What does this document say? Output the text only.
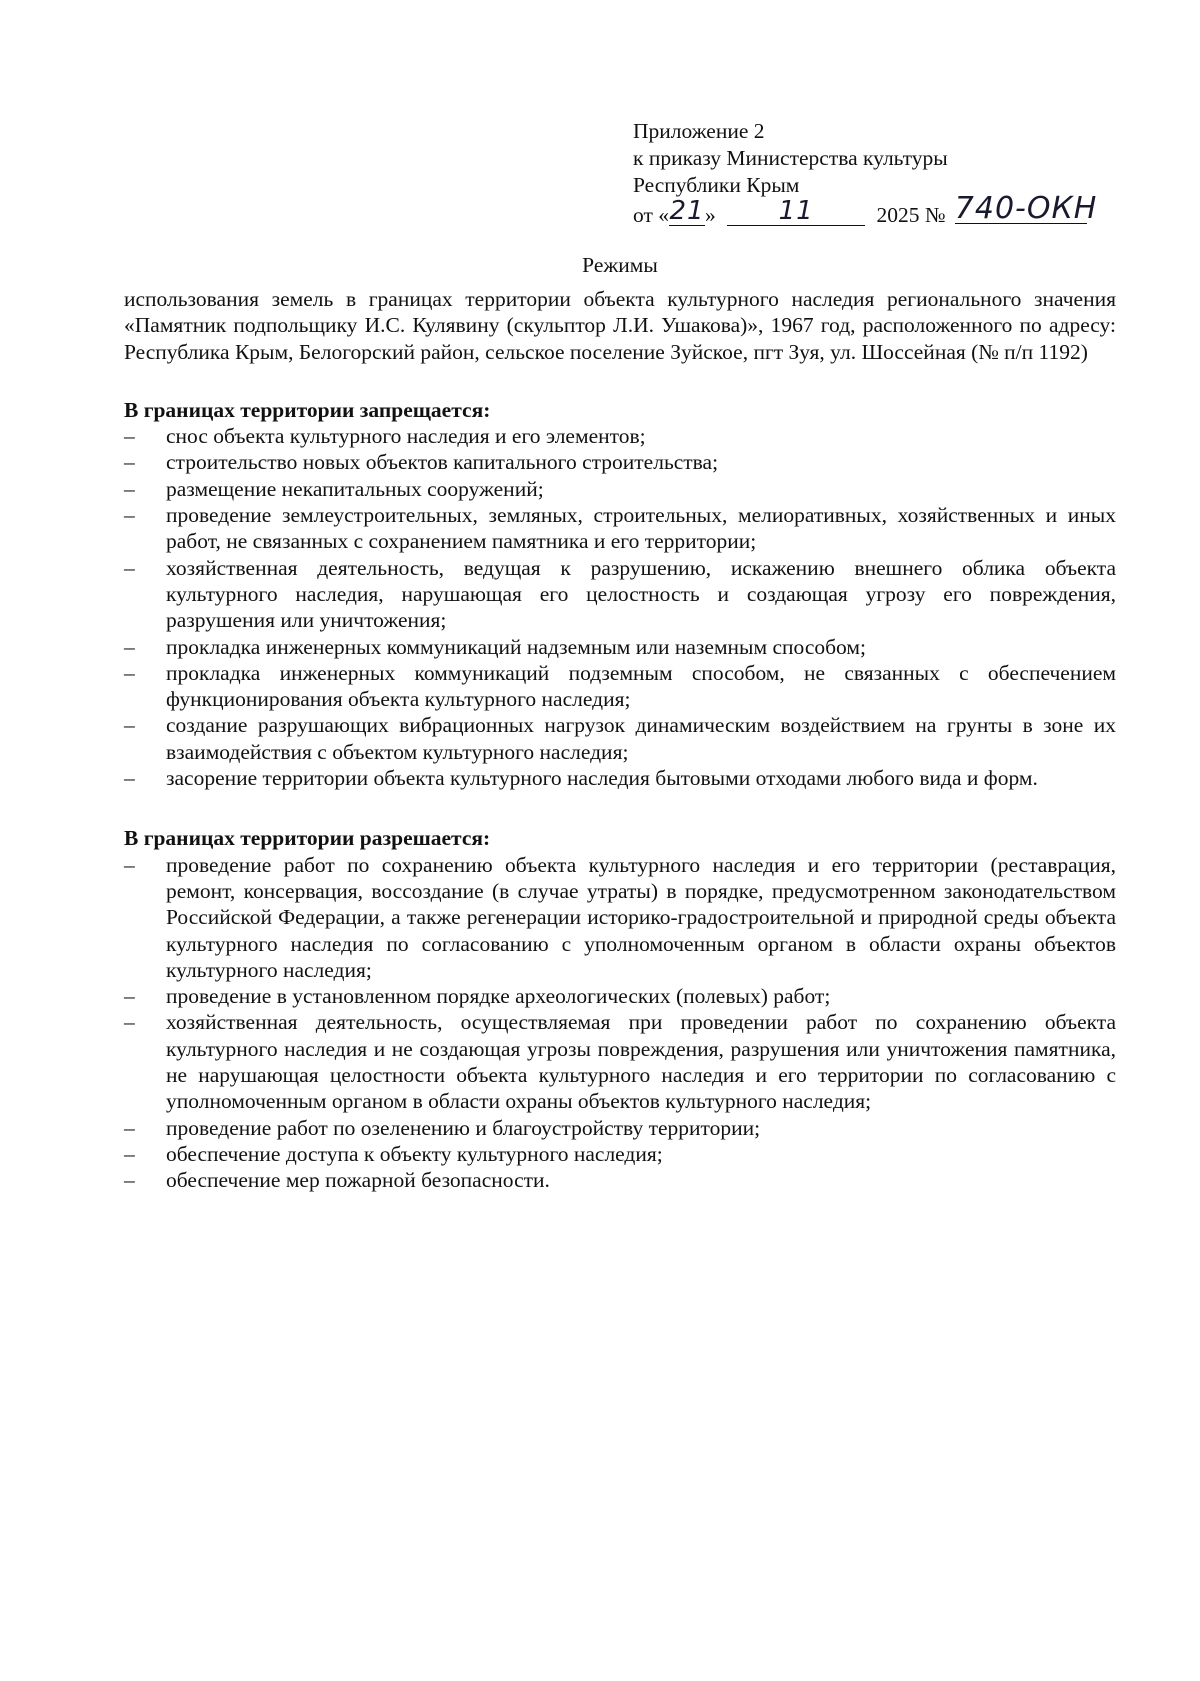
Приложение 2
к приказу Министерства культуры
Республики Крым
от «21» 11	2025 № 740-ОКН
Режимы

использования земель в границах территории объекта культурного наследия регионального значения «Памятник подпольщику И.С. Кулявину (скульптор Л.И. Ушакова)», 1967 год, расположенного по адресу: Республика Крым, Белогорский район, сельское поселение Зуйское, пгт Зуя, ул. Шоссейная (№ п/п 1192)

В границах территории запрещается:

– снос объекта культурного наследия и его элементов;
– строительство новых объектов капитального строительства;
– размещение некапитальных сооружений;
– проведение землеустроительных, земляных, строительных, мелиоративных, хозяйственных и иных работ, не связанных с сохранением памятника и его территории;
– хозяйственная деятельность, ведущая к разрушению, искажению внешнего облика объекта культурного наследия, нарушающая его целостность и создающая угрозу его повреждения, разрушения или уничтожения;
– прокладка инженерных коммуникаций надземным или наземным способом;
– прокладка инженерных коммуникаций подземным способом, не связанных с обеспечением функционирования объекта культурного наследия;
– создание разрушающих вибрационных нагрузок динамическим воздействием на грунты в зоне их взаимодействия с объектом культурного наследия;
– засорение территории объекта культурного наследия бытовыми отходами любого вида и форм.

В границах территории разрешается:

– проведение работ по сохранению объекта культурного наследия и его территории (реставрация, ремонт, консервация, воссоздание (в случае утраты) в порядке, предусмотренном законодательством Российской Федерации, а также регенерации историко-градостроительной и природной среды объекта культурного наследия по согласованию с уполномоченным органом в области охраны объектов культурного наследия;
– проведение в установленном порядке археологических (полевых) работ;
– хозяйственная деятельность, осуществляемая при проведении работ по сохранению объекта культурного наследия и не создающая угрозы повреждения, разрушения или уничтожения памятника, не нарушающая целостности объекта культурного наследия и его территории по согласованию с уполномоченным органом в области охраны объектов культурного наследия;
– проведение работ по озеленению и благоустройству территории;
– обеспечение доступа к объекту культурного наследия;
– обеспечение мер пожарной безопасности.
